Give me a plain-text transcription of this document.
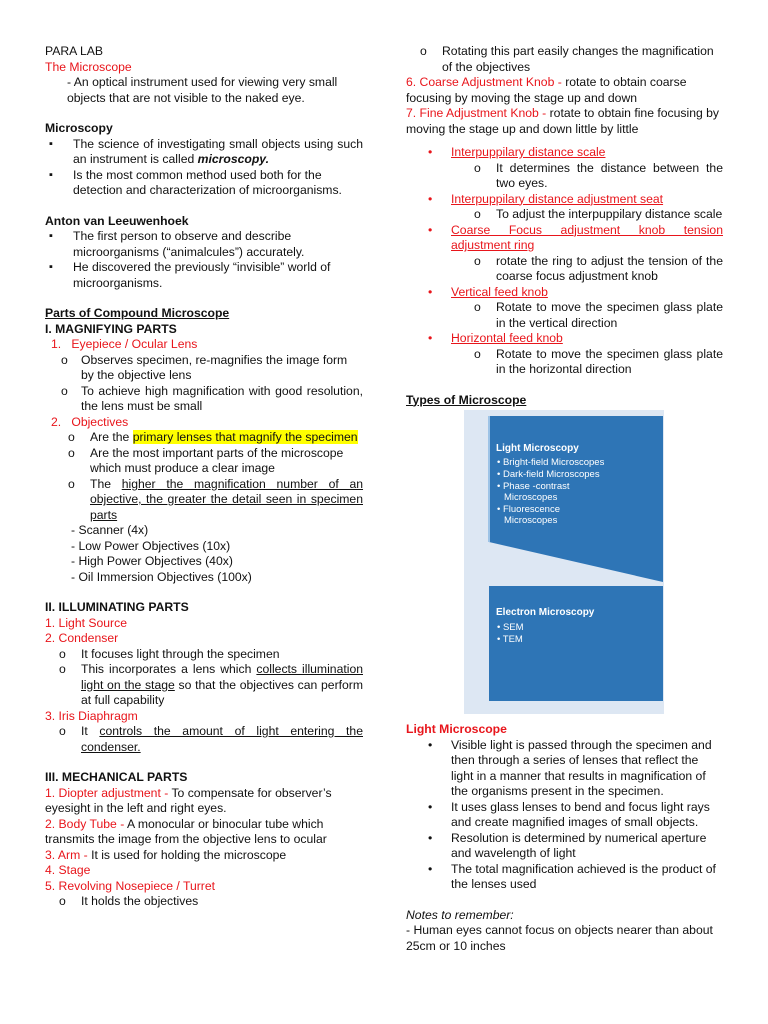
PARA LAB

The Microscope

- An optical instrument used for viewing very small objects that are not visible to the naked eye.

Microscopy

▪ The science of investigating small objects using such an instrument is called microscopy.
▪ Is the most common method used both for the detection and characterization of microorganisms.

Anton van Leeuwenhoek

▪ The first person to observe and describe microorganisms (“animalcules”) accurately.
▪ He discovered the previously “invisible” world of microorganisms.

Parts of Compound Microscope

I. MAGNIFYING PARTS

1. Eyepiece / Ocular Lens
o Observes specimen, re-magnifies the image form by the objective lens
o To achieve high magnification with good resolution, the lens must be small
2. Objectives
o Are the primary lenses that magnify the specimen
o Are the most important parts of the microscope which must produce a clear image
o The higher the magnification number of an objective, the greater the detail seen in specimen parts

- Scanner (4x)

- Low Power Objectives (10x)

- High Power Objectives (40x)

- Oil Immersion Objectives (100x)

II. ILLUMINATING PARTS

1. Light Source

2. Condenser

o It focuses light through the specimen
o This incorporates a lens which collects illumination light on the stage so that the objectives can perform at full capability

3. Iris Diaphragm

o It controls the amount of light entering the condenser.

III. MECHANICAL PARTS

1. Diopter adjustment - To compensate for observer’s eyesight in the left and right eyes.

2. Body Tube - A monocular or binocular tube which transmits the image from the objective lens to ocular

3. Arm - It is used for holding the microscope

4. Stage

5. Revolving Nosepiece / Turret

o It holds the objectives
o Rotating this part easily changes the magnification of the objectives

6. Coarse Adjustment Knob - rotate to obtain coarse focusing by moving the stage up and down

7. Fine Adjustment Knob - rotate to obtain fine focusing by moving the stage up and down little by little

• Interpuppilary distance scale
o It determines the distance between the two eyes.
• Interpuppilary distance adjustment seat
o To adjust the interpuppilary distance scale
• Coarse Focus adjustment knob tension adjustment ring
o rotate the ring to adjust the tension of the coarse focus adjustment knob
• Vertical feed knob
o Rotate to move the specimen glass plate in the vertical direction
• Horizontal feed knob
o Rotate to move the specimen glass plate in the horizontal direction

Types of Microscope

Light Microscopy
• Bright-field Microscopes
• Dark-field Microscopes
• Phase -contrast
Microscopes
• Fluorescence
Microscopes
Electron Microscopy
• SEM
• TEM

Light Microscope

• Visible light is passed through the specimen and then through a series of lenses that reflect the light in a manner that results in magnification of the organisms present in the specimen.
• It uses glass lenses to bend and focus light rays and create magnified images of small objects.
• Resolution is determined by numerical aperture and wavelength of light
• The total magnification achieved is the product of the lenses used

Notes to remember:

- Human eyes cannot focus on objects nearer than about 25cm or 10 inches
